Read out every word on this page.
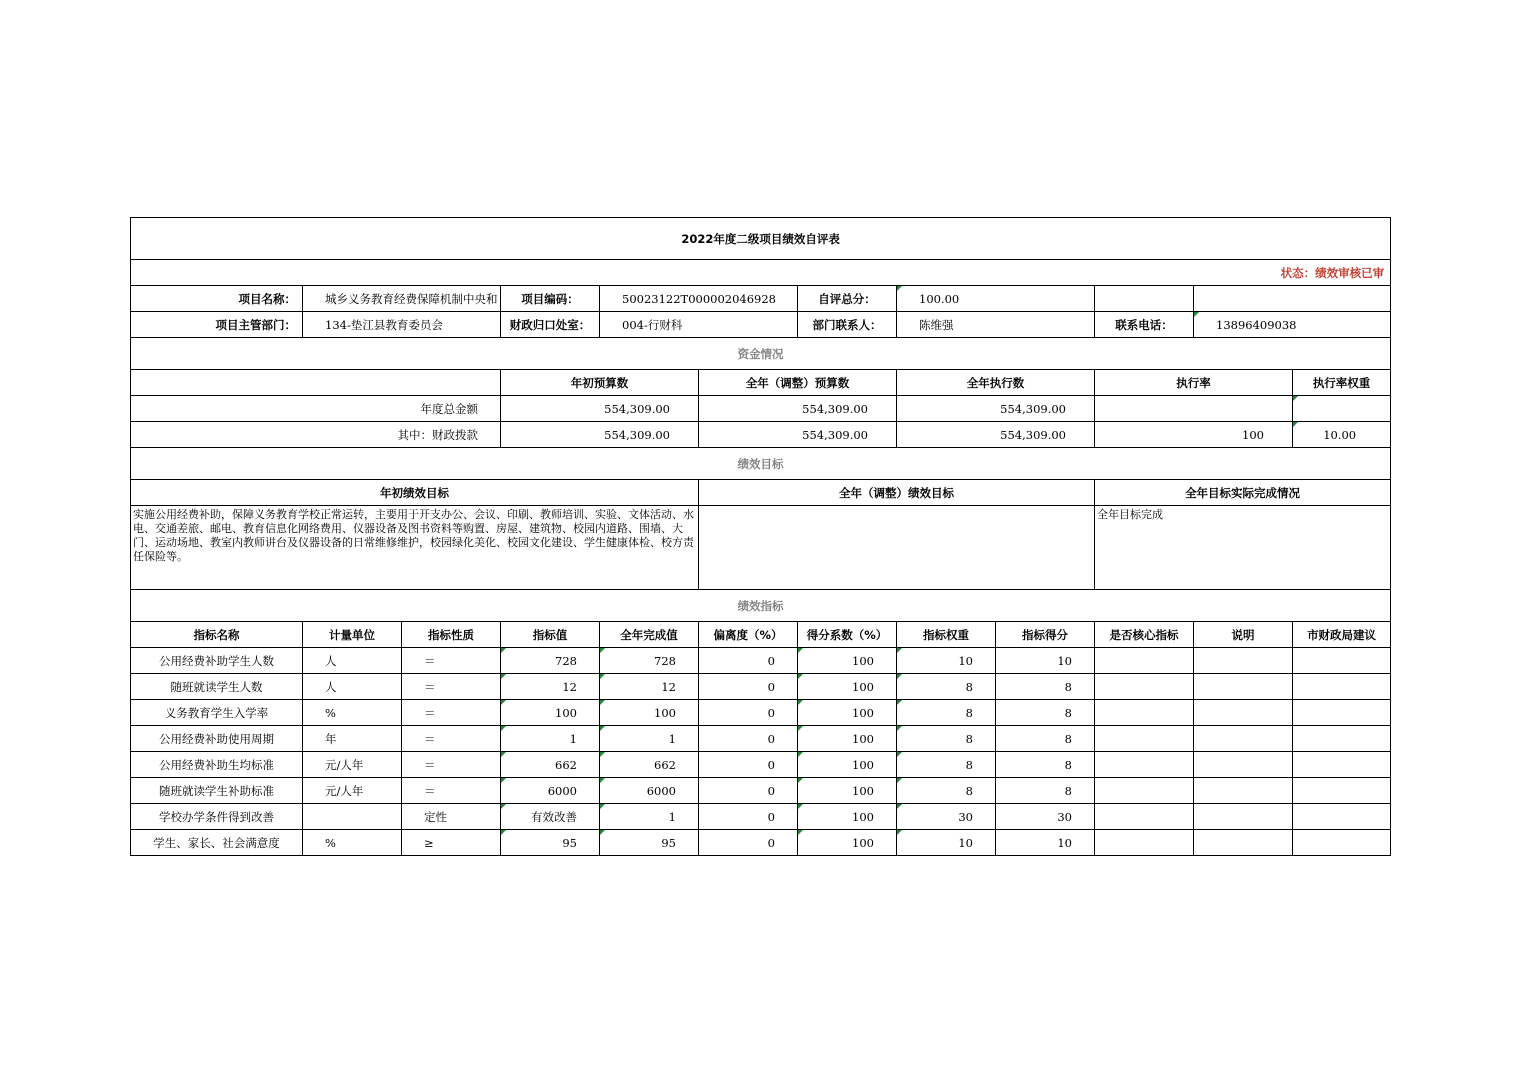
2022年度二级项目绩效自评表												
状态：绩效审核已审												
项目名称：	城乡义务教育经费保障机制中央和		项目编码：	50023122T000002046928		自评总分：	100.00					
项目主管部门：	134-垫江县教育委员会		财政归口处室：	004-行财科		部门联系人：	陈维强		联系电话：	13896409038		
资金情况												
			年初预算数		全年（调整）预算数		全年执行数		执行率		执行率权重	
年度总金额			554,309.00		554,309.00		554,309.00					
其中：财政拨款			554,309.00		554,309.00		554,309.00		100		10.00	
绩效目标												
年初绩效目标					全年（调整）绩效目标				全年目标实际完成情况			
实施公用经费补助，保障义务教育学校正常运转，主要用于开支办公、会议、印刷、教师培训、实验、文体活动、水电、交通差旅、邮电、教育信息化网络费用、仪器设备及图书资料等购置、房屋、建筑物、校园内道路、围墙、大门、运动场地、教室内教师讲台及仪器设备的日常维修维护，校园绿化美化、校园文化建设、学生健康体检、校方责任保险等。									全年目标完成			
绩效指标												
指标名称	计量单位	指标性质	指标值	全年完成值	偏离度（%）	得分系数（%）	指标权重	指标得分	是否核心指标	说明	市财政局建议	
公用经费补助学生人数	人	＝	728	728	0	100	10	10				
随班就读学生人数	人	＝	12	12	0	100	8	8				
义务教育学生入学率	%	＝	100	100	0	100	8	8				
公用经费补助使用周期	年	＝	1	1	0	100	8	8				
公用经费补助生均标准	元/人年	＝	662	662	0	100	8	8				
随班就读学生补助标准	元/人年	＝	6000	6000	0	100	8	8				
学校办学条件得到改善		定性	有效改善	1	0	100	30	30				
学生、家长、社会满意度	%	≥	95	95	0	100	10	10				
